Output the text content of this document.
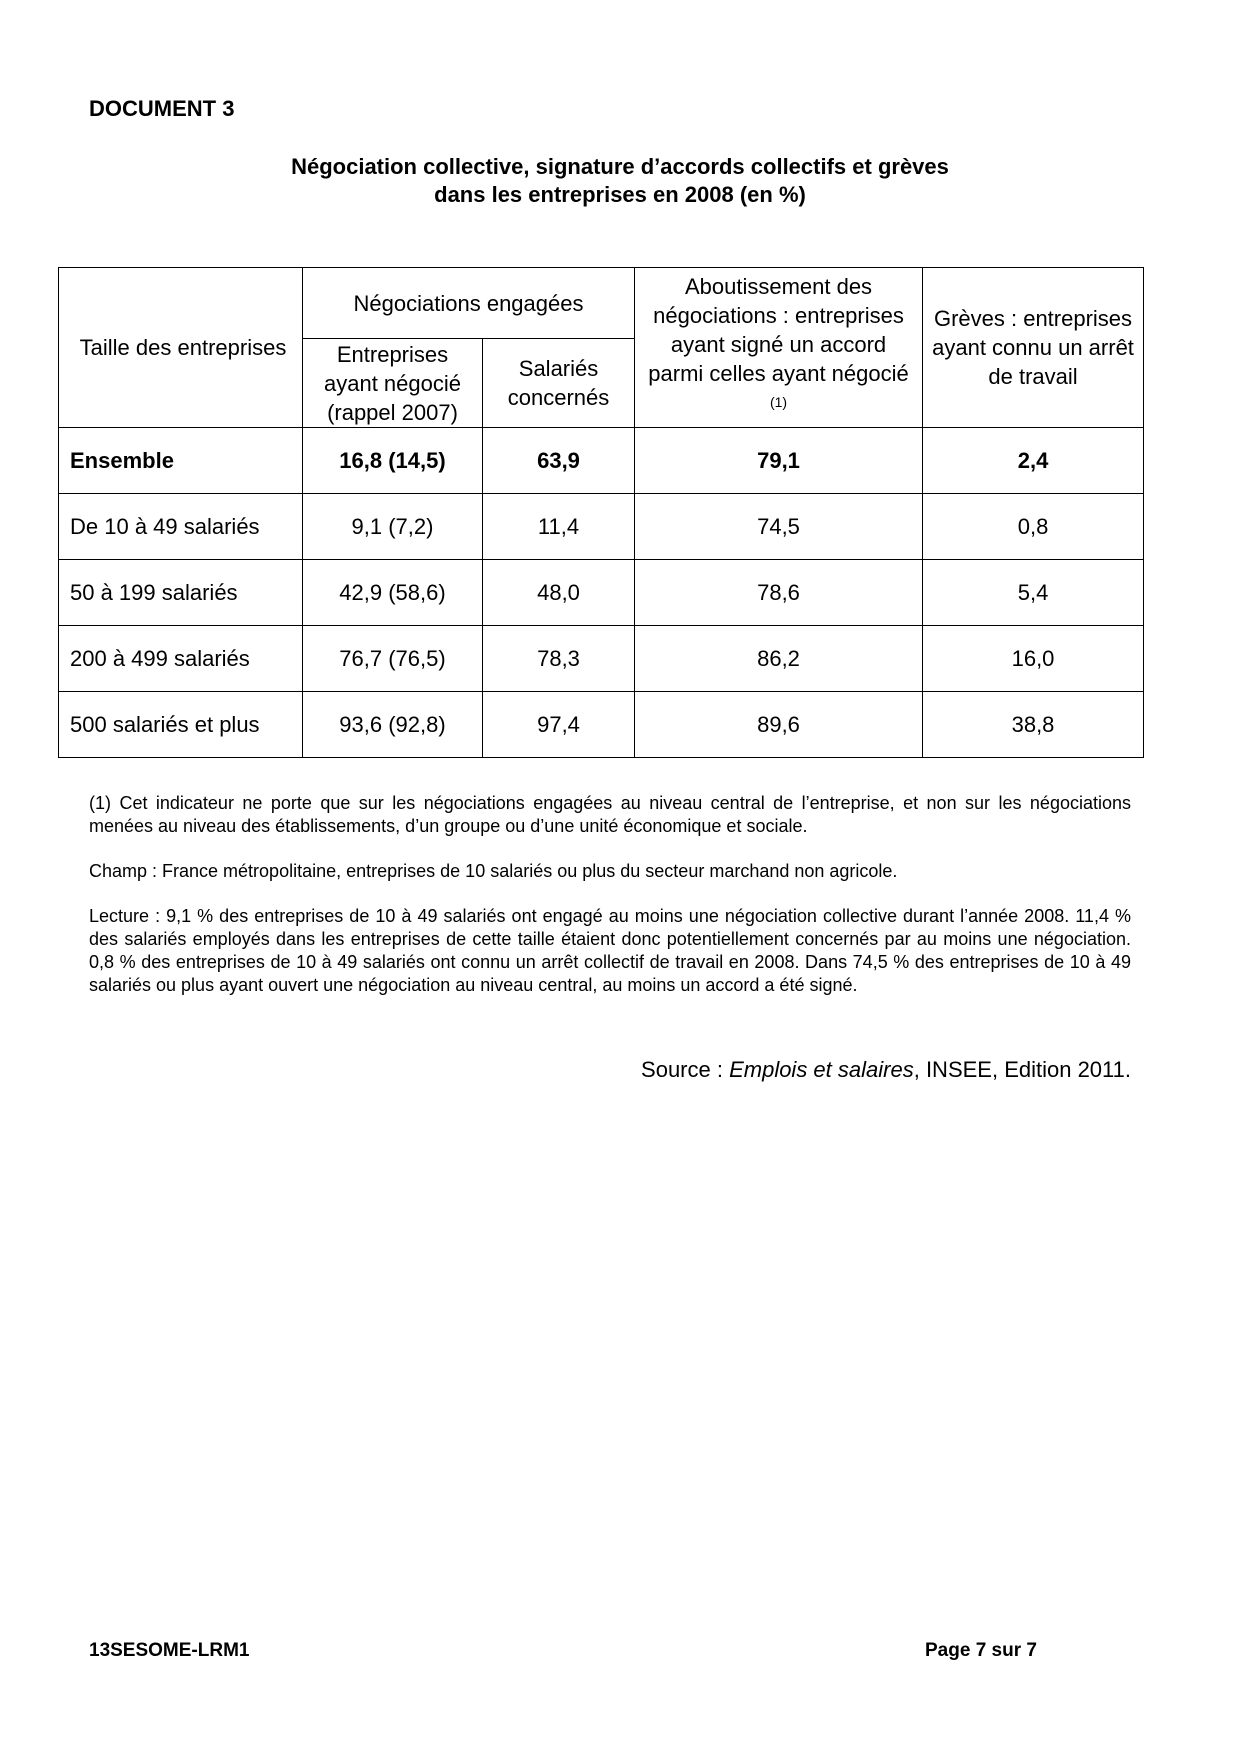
DOCUMENT 3
Négociation collective, signature d’accords collectifs et grèves
dans les entreprises en 2008 (en %)
Taille des entreprises	Négociations engagées		Aboutissement des négociations : entreprises ayant signé un accord parmi celles ayant négocié $^{(1)}$	Grèves : entreprises ayant connu un arrêt de travail
	Entreprises ayant négocié (rappel 2007)	Salariés concernés		
Ensemble	16,8 (14,5)	63,9	79,1	2,4
De 10 à 49 salariés	9,1 (7,2)	11,4	74,5	0,8
50 à 199 salariés	42,9 (58,6)	48,0	78,6	5,4
200 à 499 salariés	76,7 (76,5)	78,3	86,2	16,0
500 salariés et plus	93,6 (92,8)	97,4	89,6	38,8

(1) Cet indicateur ne porte que sur les négociations engagées au niveau central de l’entreprise, et non sur les négociations menées au niveau des établissements, d’un groupe ou d’une unité économique et sociale.

Champ : France métropolitaine, entreprises de 10 salariés ou plus du secteur marchand non agricole.

Lecture : 9,1 % des entreprises de 10 à 49 salariés ont engagé au moins une négociation collective durant l’année 2008. 11,4 % des salariés employés dans les entreprises de cette taille étaient donc potentiellement concernés par au moins une négociation. 0,8 % des entreprises de 10 à 49 salariés ont connu un arrêt collectif de travail en 2008. Dans 74,5 % des entreprises de 10 à 49 salariés ou plus ayant ouvert une négociation au niveau central, au moins un accord a été signé.

Source : Emplois et salaires, INSEE, Edition 2011.
13SESOME-LRM1	Page 7 sur 7
